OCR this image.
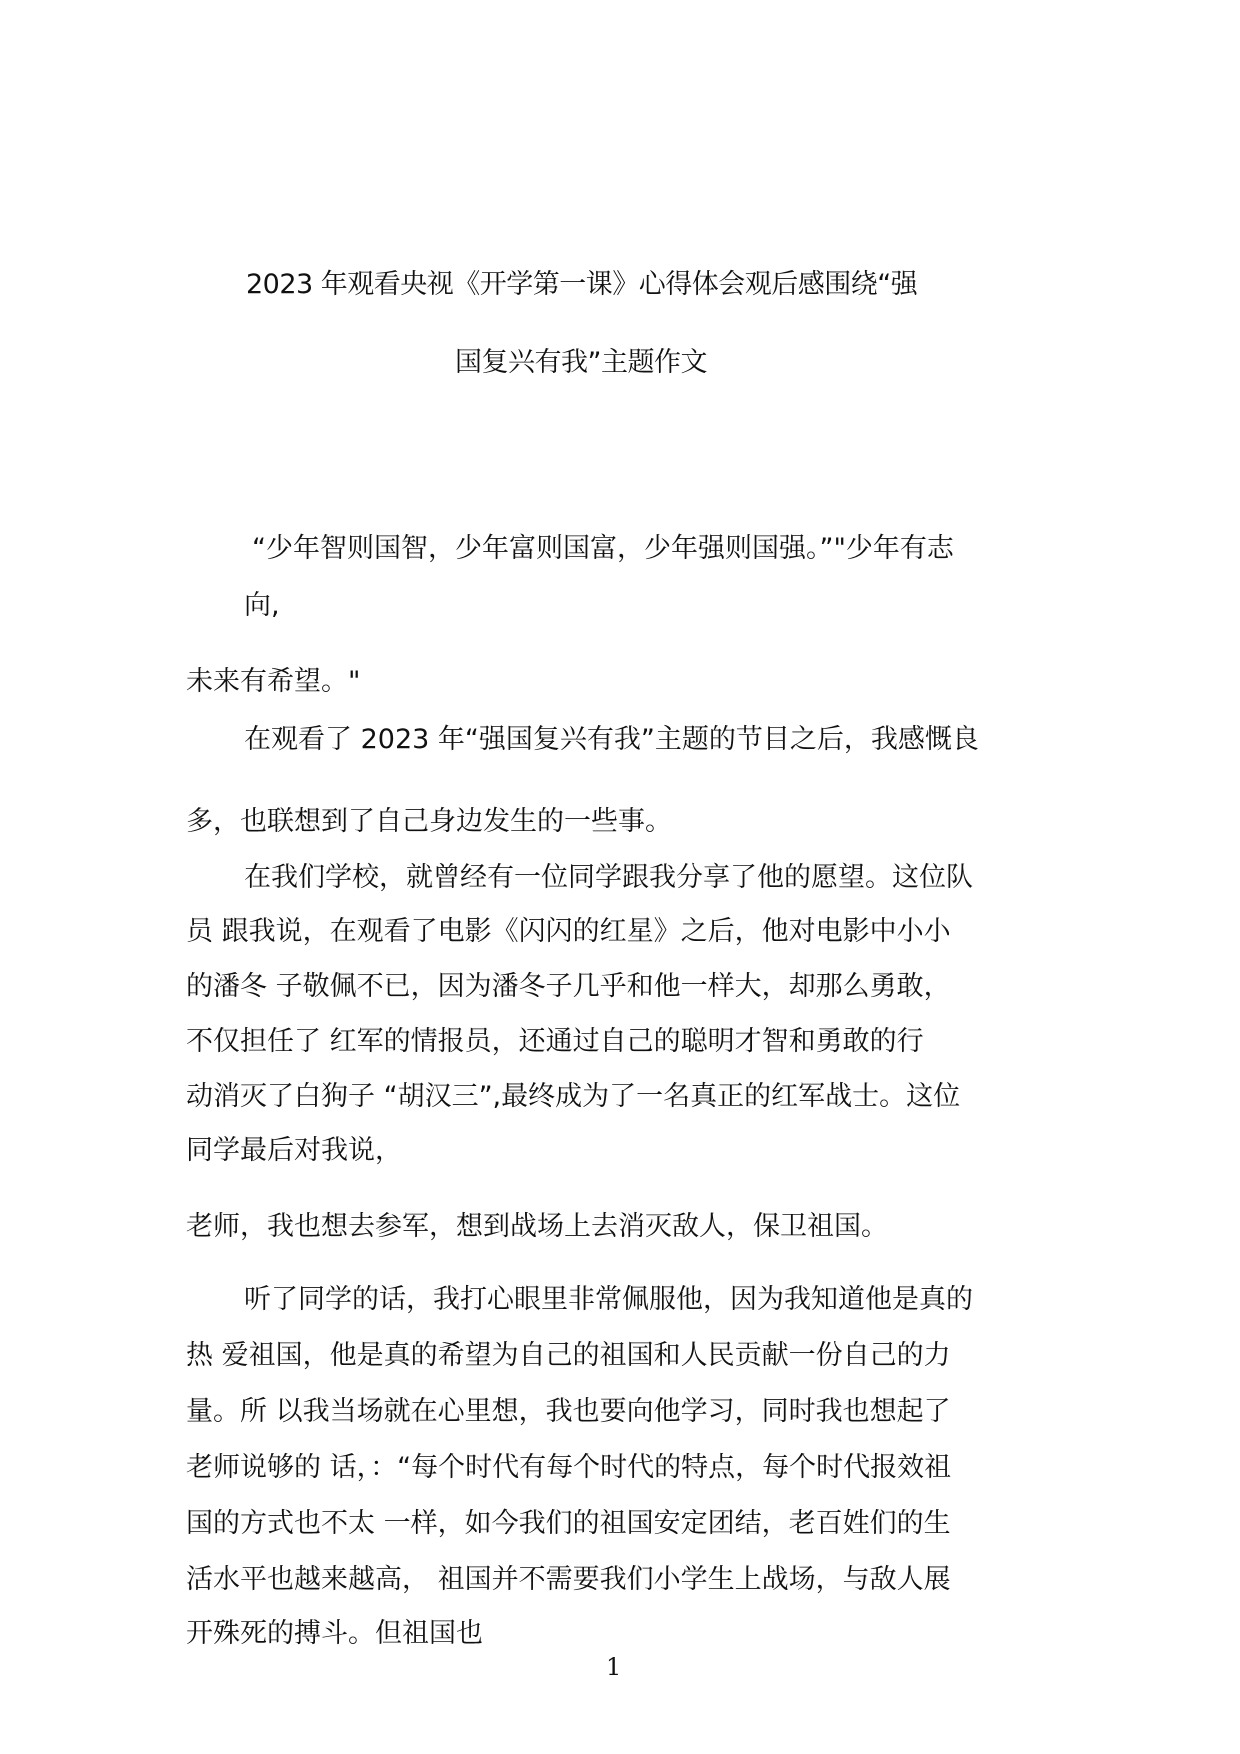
2023 年观看央视《开学第一课》心得体会观后感围绕“强
国复兴有我”主题作文
“少年智则国智，少年富则国富，少年强则国强。”"少年有志
向,
未来有希望。"
在观看了 2023 年“强国复兴有我”主题的节目之后，我感慨良
多，也联想到了自己身边发生的一些事。
在我们学校，就曾经有一位同学跟我分享了他的愿望。这位队
员 跟我说，在观看了电影《闪闪的红星》之后，他对电影中小小
的潘冬 子敬佩不已，因为潘冬子几乎和他一样大，却那么勇敢，
不仅担任了 红军的情报员，还通过自己的聪明才智和勇敢的行
动消灭了白狗子 “胡汉三”,最终成为了一名真正的红军战士。这位
同学最后对我说，
老师，我也想去参军，想到战场上去消灭敌人，保卫祖国。
听了同学的话，我打心眼里非常佩服他，因为我知道他是真的
热 爱祖国，他是真的希望为自己的祖国和人民贡献一份自己的力
量。所 以我当场就在心里想，我也要向他学习，同时我也想起了
老师说够的 话，：“每个时代有每个时代的特点，每个时代报效祖
国的方式也不太 一样，如今我们的祖国安定团结，老百姓们的生
活水平也越来越高， 祖国并不需要我们小学生上战场，与敌人展
开殊死的搏斗。但祖国也
1
